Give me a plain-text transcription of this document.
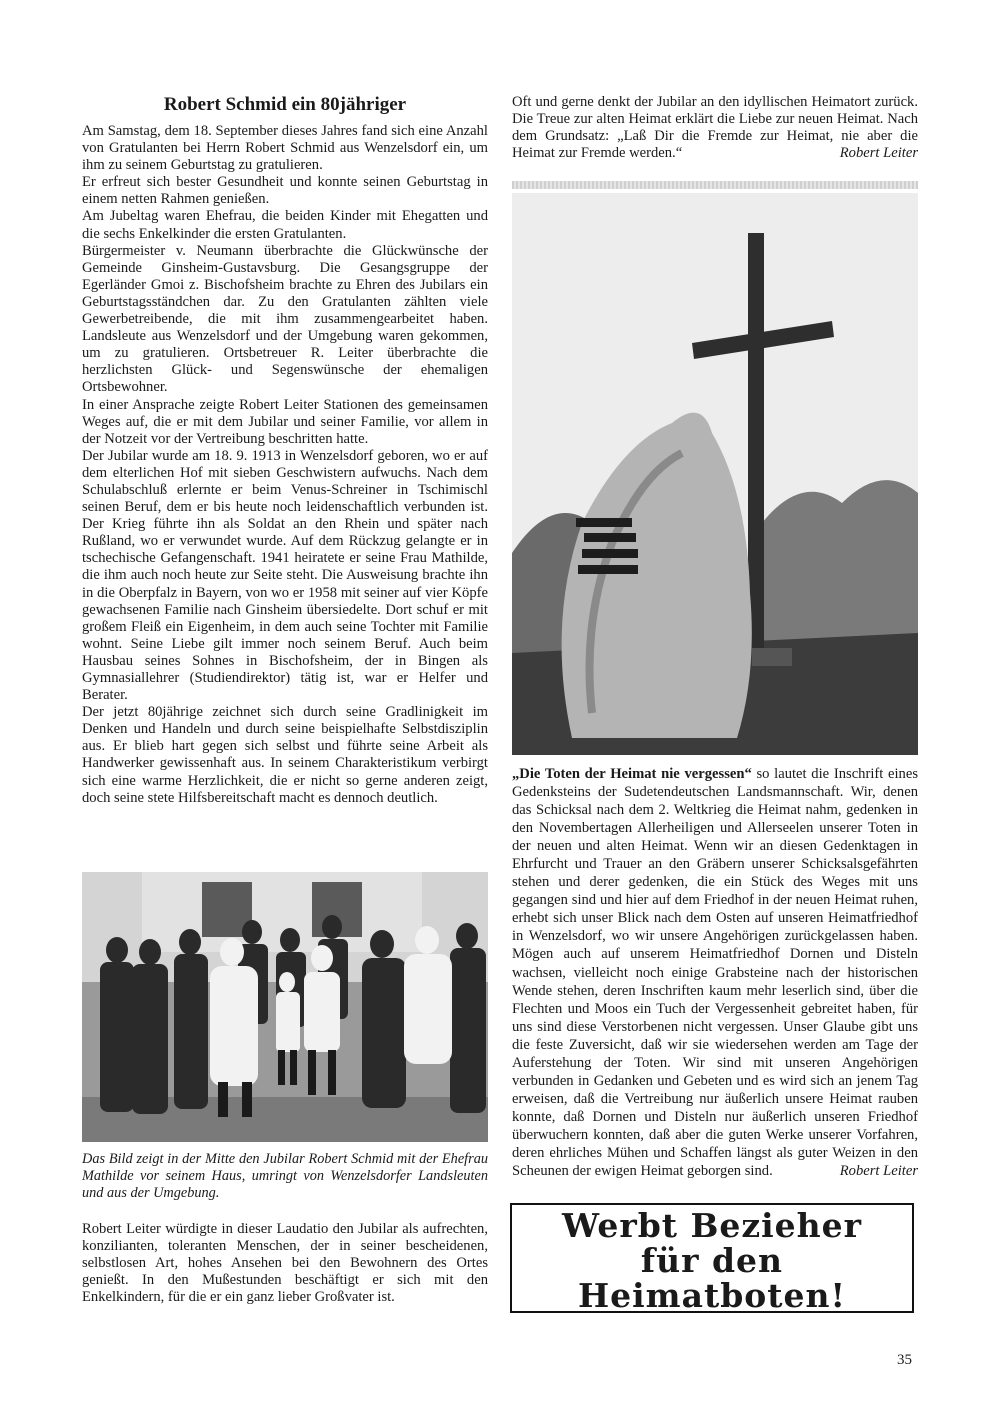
Robert Schmid ein 80jähriger

Am Samstag, dem 18. September dieses Jahres fand sich eine Anzahl von Gratulanten bei Herrn Robert Schmid aus Wenzelsdorf ein, um ihm zu seinem Geburtstag zu gratulieren.

Er erfreut sich bester Gesundheit und konnte seinen Geburtstag in einem netten Rahmen genießen.

Am Jubeltag waren Ehefrau, die beiden Kinder mit Ehegatten und die sechs Enkelkinder die ersten Gratulanten.

Bürgermeister v. Neumann überbrachte die Glückwünsche der Gemeinde Ginsheim-Gustavsburg. Die Gesangsgruppe der Egerländer Gmoi z. Bischofsheim brachte zu Ehren des Jubilars ein Geburtstagsständchen dar. Zu den Gratulanten zählten viele Gewerbetreibende, die mit ihm zusammengearbeitet haben. Landsleute aus Wenzelsdorf und der Umgebung waren gekommen, um zu gratulieren. Ortsbetreuer R. Leiter überbrachte die herzlichsten Glück- und Segenswünsche der ehemaligen Ortsbewohner.

In einer Ansprache zeigte Robert Leiter Stationen des gemeinsamen Weges auf, die er mit dem Jubilar und seiner Familie, vor allem in der Notzeit vor der Vertreibung beschritten hatte.

Der Jubilar wurde am 18. 9. 1913 in Wenzelsdorf geboren, wo er auf dem elterlichen Hof mit sieben Geschwistern aufwuchs. Nach dem Schulabschluß erlernte er beim Venus-Schreiner in Tschimischl seinen Beruf, dem er bis heute noch leidenschaftlich verbunden ist. Der Krieg führte ihn als Soldat an den Rhein und später nach Rußland, wo er verwundet wurde. Auf dem Rückzug gelangte er in tschechische Gefangenschaft. 1941 heiratete er seine Frau Mathilde, die ihm auch noch heute zur Seite steht. Die Ausweisung brachte ihn in die Oberpfalz in Bayern, von wo er 1958 mit seiner auf vier Köpfe gewachsenen Familie nach Ginsheim übersiedelte. Dort schuf er mit großem Fleiß ein Eigenheim, in dem auch seine Tochter mit Familie wohnt. Seine Liebe gilt immer noch seinem Beruf. Auch beim Hausbau seines Sohnes in Bischofsheim, der in Bingen als Gymnasiallehrer (Studiendirektor) tätig ist, war er Helfer und Berater.

Der jetzt 80jährige zeichnet sich durch seine Gradlinigkeit im Denken und Handeln und durch seine beispielhafte Selbstdisziplin aus. Er blieb hart gegen sich selbst und führte seine Arbeit als Handwerker gewissenhaft aus. In seinem Charakteristikum verbirgt sich eine warme Herzlichkeit, die er nicht so gerne anderen zeigt, doch seine stete Hilfsbereitschaft macht es dennoch deutlich.

Das Bild zeigt in der Mitte den Jubilar Robert Schmid mit der Ehefrau Mathilde vor seinem Haus, umringt von Wenzelsdorfer Landsleuten und aus der Umgebung.
Robert Leiter würdigte in dieser Laudatio den Jubilar als aufrechten, konzilianten, toleranten Menschen, der in seiner bescheidenen, selbstlosen Art, hohes Ansehen bei den Bewohnern des Ortes genießt. In den Mußestunden beschäftigt er sich mit den Enkelkindern, für die er ein ganz lieber Großvater ist.

Oft und gerne denkt der Jubilar an den idyllischen Heimatort zurück. Die Treue zur alten Heimat erklärt die Liebe zur neuen Heimat. Nach dem Grundsatz: „Laß Dir die Fremde zur Heimat, nie aber die Heimat zur Fremde werden.“	Robert Leiter

„Die Toten der Heimat nie vergessen“ so lautet die Inschrift eines Gedenksteins der Sudetendeutschen Landsmannschaft. Wir, denen das Schicksal nach dem 2. Weltkrieg die Heimat nahm, gedenken in den Novembertagen Allerheiligen und Allerseelen unserer Toten in der neuen und alten Heimat. Wenn wir an diesen Gedenktagen in Ehrfurcht und Trauer an den Gräbern unserer Schicksalsgefährten stehen und derer gedenken, die ein Stück des Weges mit uns gegangen sind und hier auf dem Friedhof in der neuen Heimat ruhen, erhebt sich unser Blick nach dem Osten auf unseren Heimatfriedhof in Wenzelsdorf, wo wir unsere Angehörigen zurückgelassen haben. Mögen auch auf unserem Heimatfriedhof Dornen und Disteln wachsen, vielleicht noch einige Grabsteine nach der historischen Wende stehen, deren Inschriften kaum mehr leserlich sind, über die Flechten und Moos ein Tuch der Vergessenheit gebreitet haben, für uns sind diese Verstorbenen nicht vergessen. Unser Glaube gibt uns die feste Zuversicht, daß wir sie wiedersehen werden am Tage der Auferstehung der Toten. Wir sind mit unseren Angehörigen verbunden in Gedanken und Gebeten und es wird sich an jenem Tag erweisen, daß die Vertreibung nur äußerlich unsere Heimat rauben konnte, daß Dornen und Disteln nur äußerlich unseren Friedhof überwuchern konnten, daß aber die guten Werke unserer Vorfahren, deren ehrliches Mühen und Schaffen längst als guter Weizen in den Scheunen der ewigen Heimat geborgen sind.	Robert Leiter
Werbt Bezieher
für den
Heimatboten!
35
